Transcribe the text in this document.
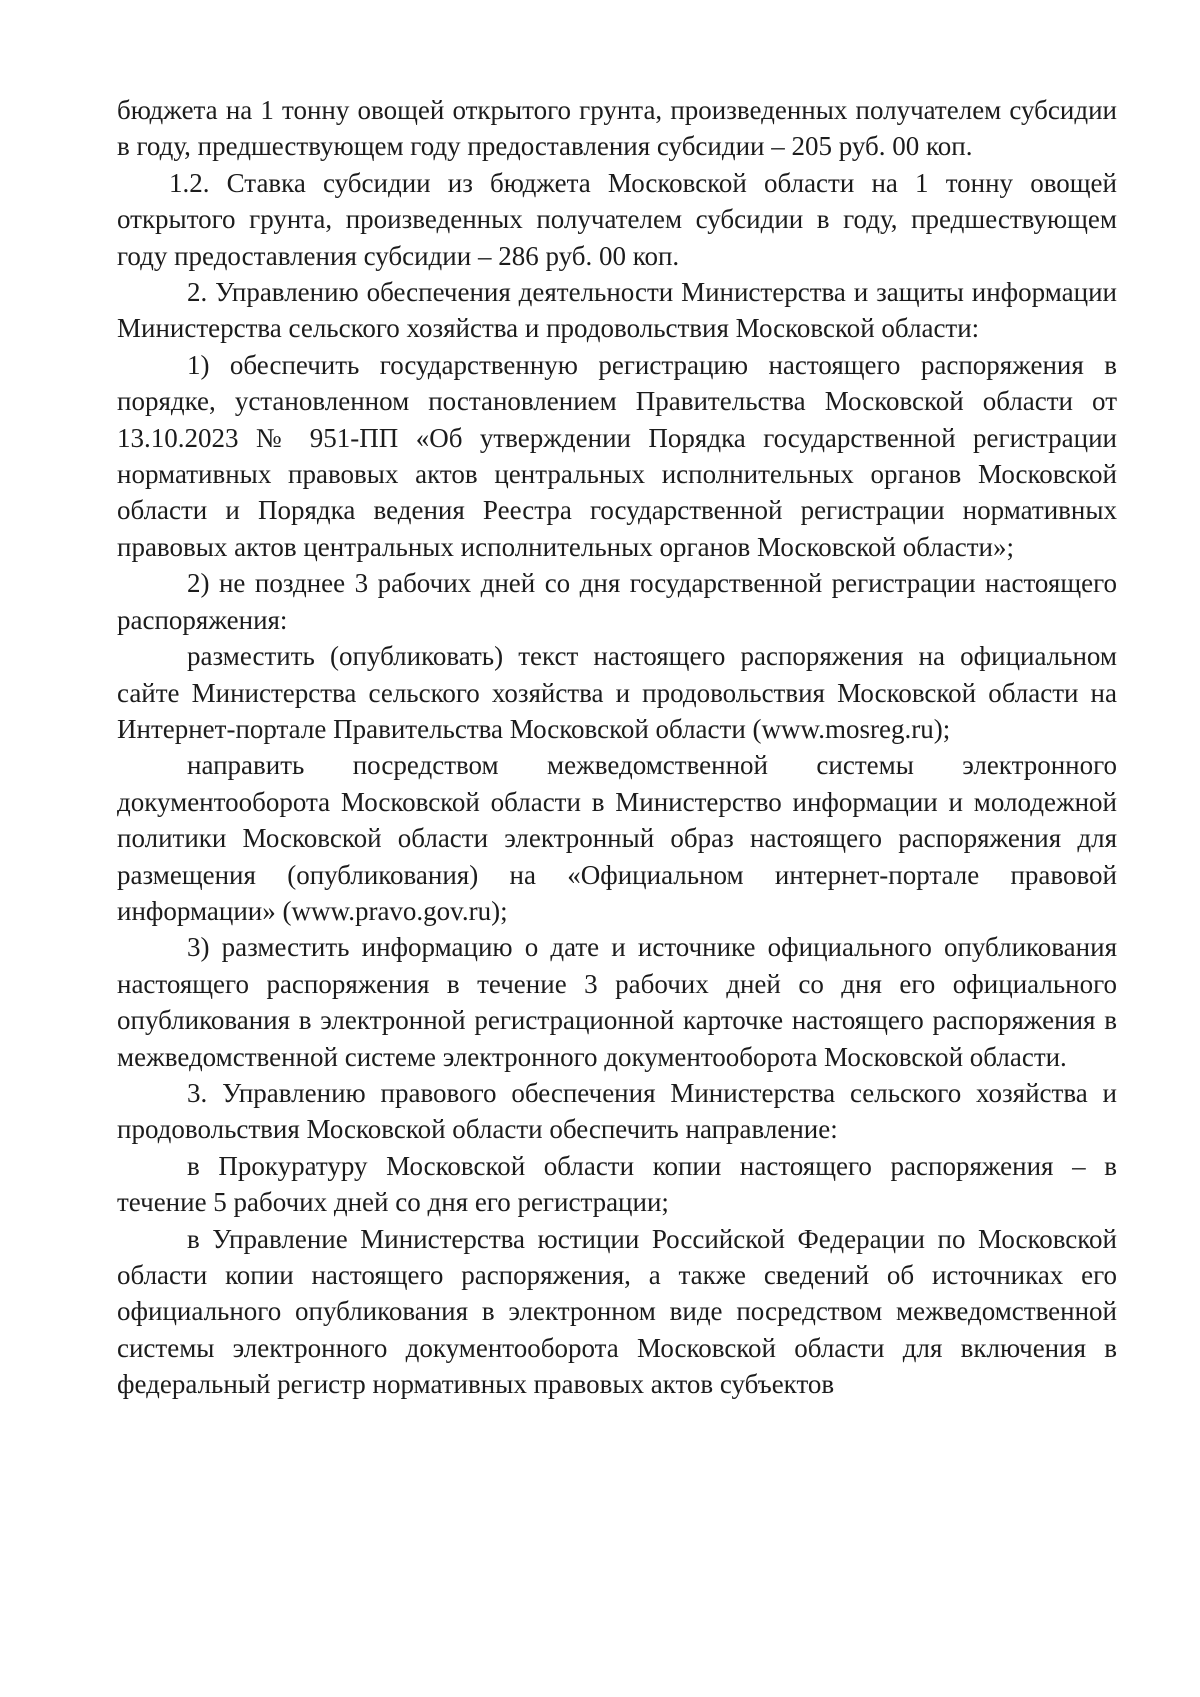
бюджета на 1 тонну овощей открытого грунта, произведенных получателем субсидии в году, предшествующем году предоставления субсидии – 205 руб. 00 коп.

1.2. Ставка субсидии из бюджета Московской области на 1 тонну овощей открытого грунта, произведенных получателем субсидии в году, предшествующем году предоставления субсидии – 286 руб. 00 коп.

2. Управлению обеспечения деятельности Министерства и защиты информации Министерства сельского хозяйства и продовольствия Московской области:

1) обеспечить государственную регистрацию настоящего распоряжения в порядке, установленном постановлением Правительства Московской области от 13.10.2023 № 951-ПП «Об утверждении Порядка государственной регистрации нормативных правовых актов центральных исполнительных органов Московской области и Порядка ведения Реестра государственной регистрации нормативных правовых актов центральных исполнительных органов Московской области»;

2) не позднее 3 рабочих дней со дня государственной регистрации настоящего распоряжения:

разместить (опубликовать) текст настоящего распоряжения на официальном сайте Министерства сельского хозяйства и продовольствия Московской области на Интернет-портале Правительства Московской области (www.mosreg.ru);

направить посредством межведомственной системы электронного документооборота Московской области в Министерство информации и молодежной политики Московской области электронный образ настоящего распоряжения для размещения (опубликования) на «Официальном интернет-портале правовой информации» (www.pravo.gov.ru);

3) разместить информацию о дате и источнике официального опубликования настоящего распоряжения в течение 3 рабочих дней со дня его официального опубликования в электронной регистрационной карточке настоящего распоряжения в межведомственной системе электронного документооборота Московской области.

3. Управлению правового обеспечения Министерства сельского хозяйства и продовольствия Московской области обеспечить направление:

в Прокуратуру Московской области копии настоящего распоряжения – в течение 5 рабочих дней со дня его регистрации;

в Управление Министерства юстиции Российской Федерации по Московской области копии настоящего распоряжения, а также сведений об источниках его официального опубликования в электронном виде посредством межведомственной системы электронного документооборота Московской области для включения в федеральный регистр нормативных правовых актов субъектов
